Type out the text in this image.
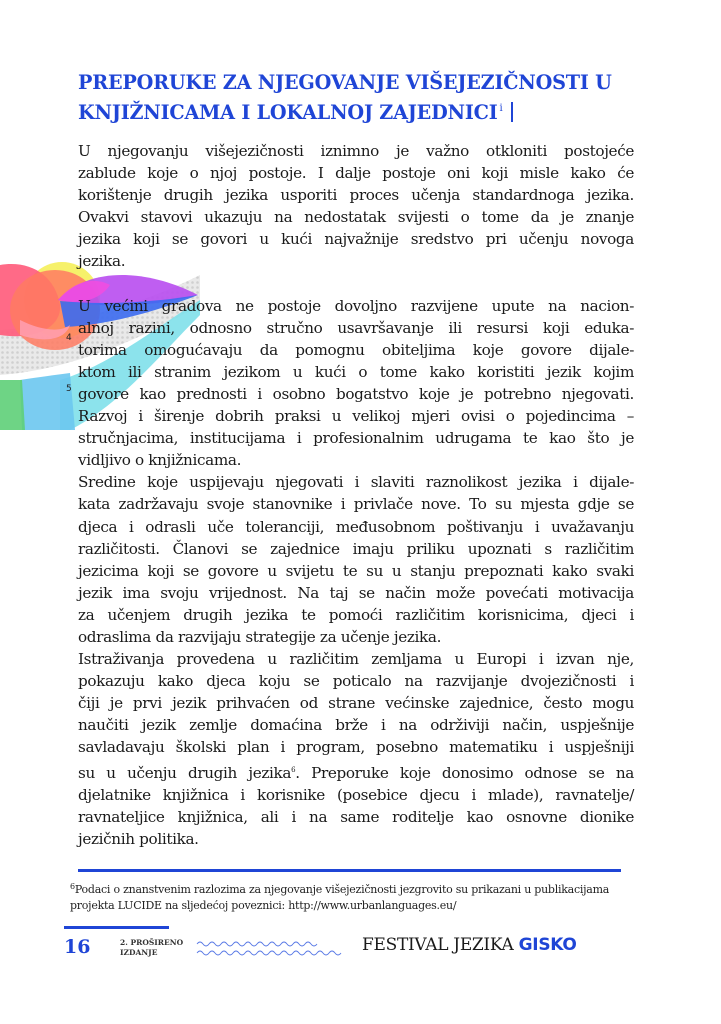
PREPORUKE ZA NJEGOVANJE VIŠEJEZIČNOSTI U
KNJIŽNICAMA I LOKALNOJ ZAJEDNICI $^i$

U njegovanju višejezičnosti iznimno je važno otkloniti postojeće
zablude koje o njoj postoje. I dalje postoje oni koji misle kako će
korištenje drugih jezika usporiti proces učenja standardnoga jezika.
Ovakvi stavovi ukazuju na nedostatak svijesti o tome da je znanje
jezika koji se govori u kući najvažnije sredstvo pri učenju novoga
jezika.

U većini gradova ne postoje dovoljno razvijene upute na nacion-
alnoj razini, odnosno stručno usavršavanje ili resursi koji eduka-
torima omogućavaju da pomognu obiteljima koje govore dijale-
ktom ili stranim jezikom u kući o tome kako koristiti jezik kojim
govore kao prednosti i osobno bogatstvo koje je potrebno njegovati.
Razvoj i širenje dobrih praksi u velikoj mjeri ovisi o pojedincima –
stručnjacima, institucijama i profesionalnim udrugama te kao što je
vidljivo o knjižnicama.

Sredine koje uspijevaju njegovati i slaviti raznolikost jezika i dijale-
kata zadržavaju svoje stanovnike i privlače nove. To su mjesta gdje se
djeca i odrasli uče toleranciji, međusobnom poštivanju i uvažavanju
različitosti. Članovi se zajednice imaju priliku upoznati s različitim
jezicima koji se govore u svijetu te su u stanju prepoznati kako svaki
jezik ima svoju vrijednost. Na taj se način može povećati motivacija
za učenjem drugih jezika te pomoći različitim korisnicima, djeci i
odraslima da razvijaju strategije za učenje jezika.

Istraživanja provedena u različitim zemljama u Europi i izvan nje,
pokazuju kako djeca koju se poticalo na razvijanje dvojezičnosti i
čiji je prvi jezik prihvaćen od strane većinske zajednice, često mogu
naučiti jezik zemlje domaćina brže i na održiviji način, uspješnije
savladavaju školski plan i program, posebno matematiku i uspješniji
su u učenju drugih jezika$^6$. Preporuke koje donosimo odnose se na
djelatnike knjižnica i korisnike (posebice djecu i mlade), ravnatelje/
ravnateljice knjižnica, ali i na same roditelje kao osnovne dionike
jezičnih politika.

4
5
$^6$Podaci o znanstvenim razlozima za njegovanje višejezičnosti jezgrovito su prikazani u publikacijama projekta LUCIDE na sljedećoj poveznici: http://www.urbanlanguages.eu/
16	2. PROŠIRENO
IZDANJE	FESTIVAL JEZIKA GISKO
